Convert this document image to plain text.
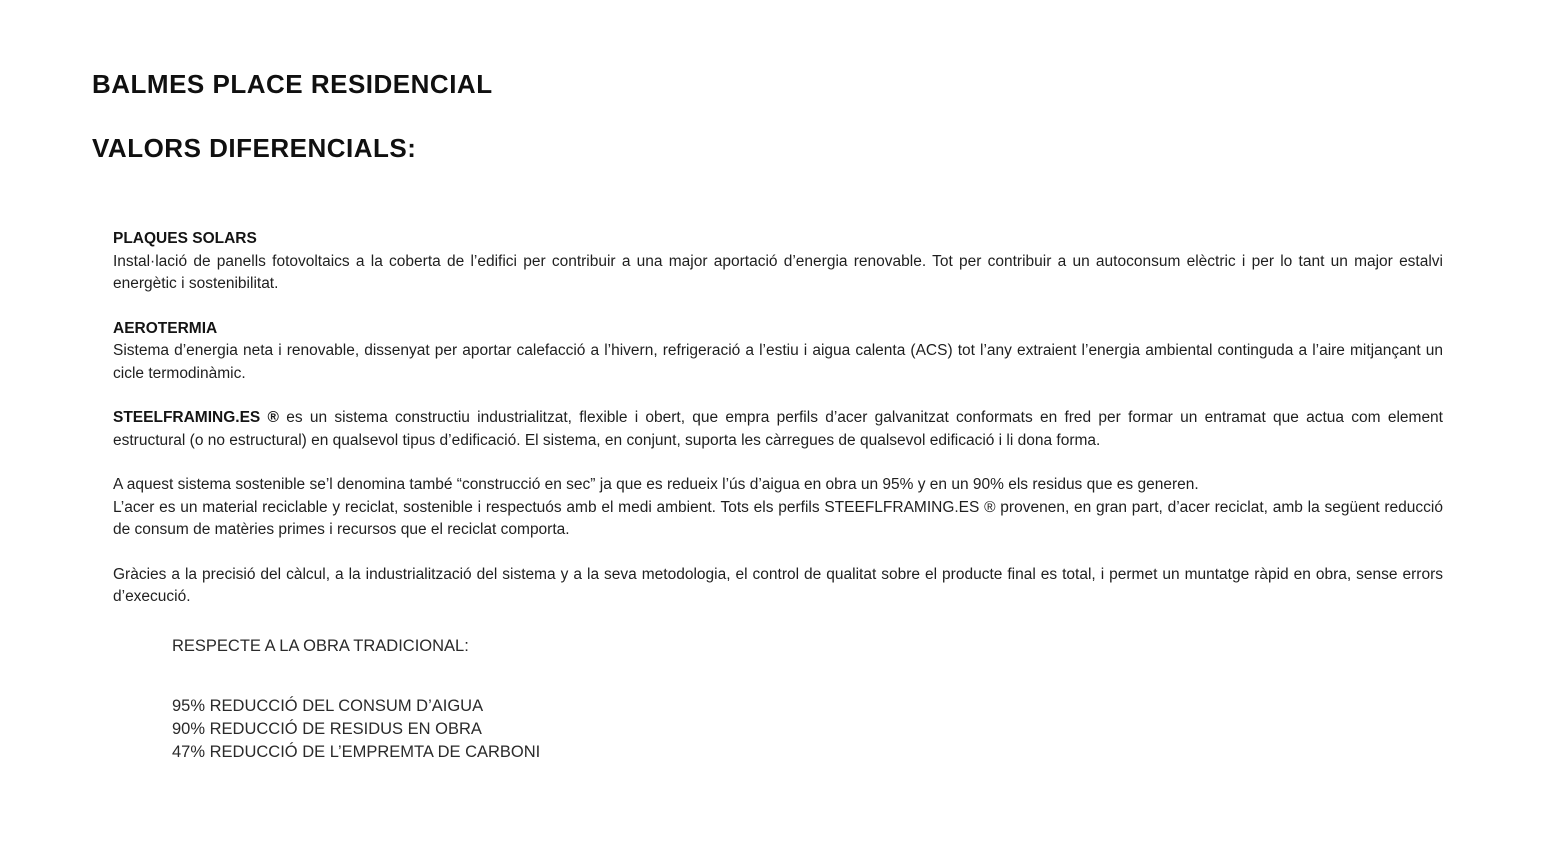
BALMES PLACE RESIDENCIAL
VALORS DIFERENCIALS:

PLAQUES SOLARS

Instal·lació de panells fotovoltaics a la coberta de l’edifici per contribuir a una major aportació d’energia renovable. Tot per contribuir a un autoconsum elèctric i per lo tant un major estalvi energètic i sostenibilitat.

AEROTERMIA

Sistema d’energia neta i renovable, dissenyat per aportar calefacció a l’hivern, refrigeració a l’estiu i aigua calenta (ACS) tot l’any extraient l’energia ambiental continguda a l’aire mitjançant un cicle termodinàmic.

STEELFRAMING.ES ® es un sistema constructiu industrialitzat, flexible i obert, que empra perfils d’acer galvanitzat conformats en fred per formar un entramat que actua com element estructural (o no estructural) en qualsevol tipus d’edificació. El sistema, en conjunt, suporta les càrregues de qualsevol edificació i li dona forma.

A aquest sistema sostenible se’l denomina també “construcció en sec” ja que es redueix l’ús d’aigua en obra un 95% y en un 90% els residus que es generen.
L’acer es un material reciclable y reciclat, sostenible i respectuós amb el medi ambient. Tots els perfils STEEFLFRAMING.ES ® provenen, en gran part, d’acer reciclat, amb la següent reducció de consum de matèries primes i recursos que el reciclat comporta.

Gràcies a la precisió del càlcul, a la industrialització del sistema y a la seva metodologia, el control de qualitat sobre el producte final es total, i permet un muntatge ràpid en obra, sense errors d’execució.

RESPECTE A LA OBRA TRADICIONAL:

95% REDUCCIÓ DEL CONSUM D’AIGUA

90% REDUCCIÓ DE RESIDUS EN OBRA

47% REDUCCIÓ DE L’EMPREMTA DE CARBONI
